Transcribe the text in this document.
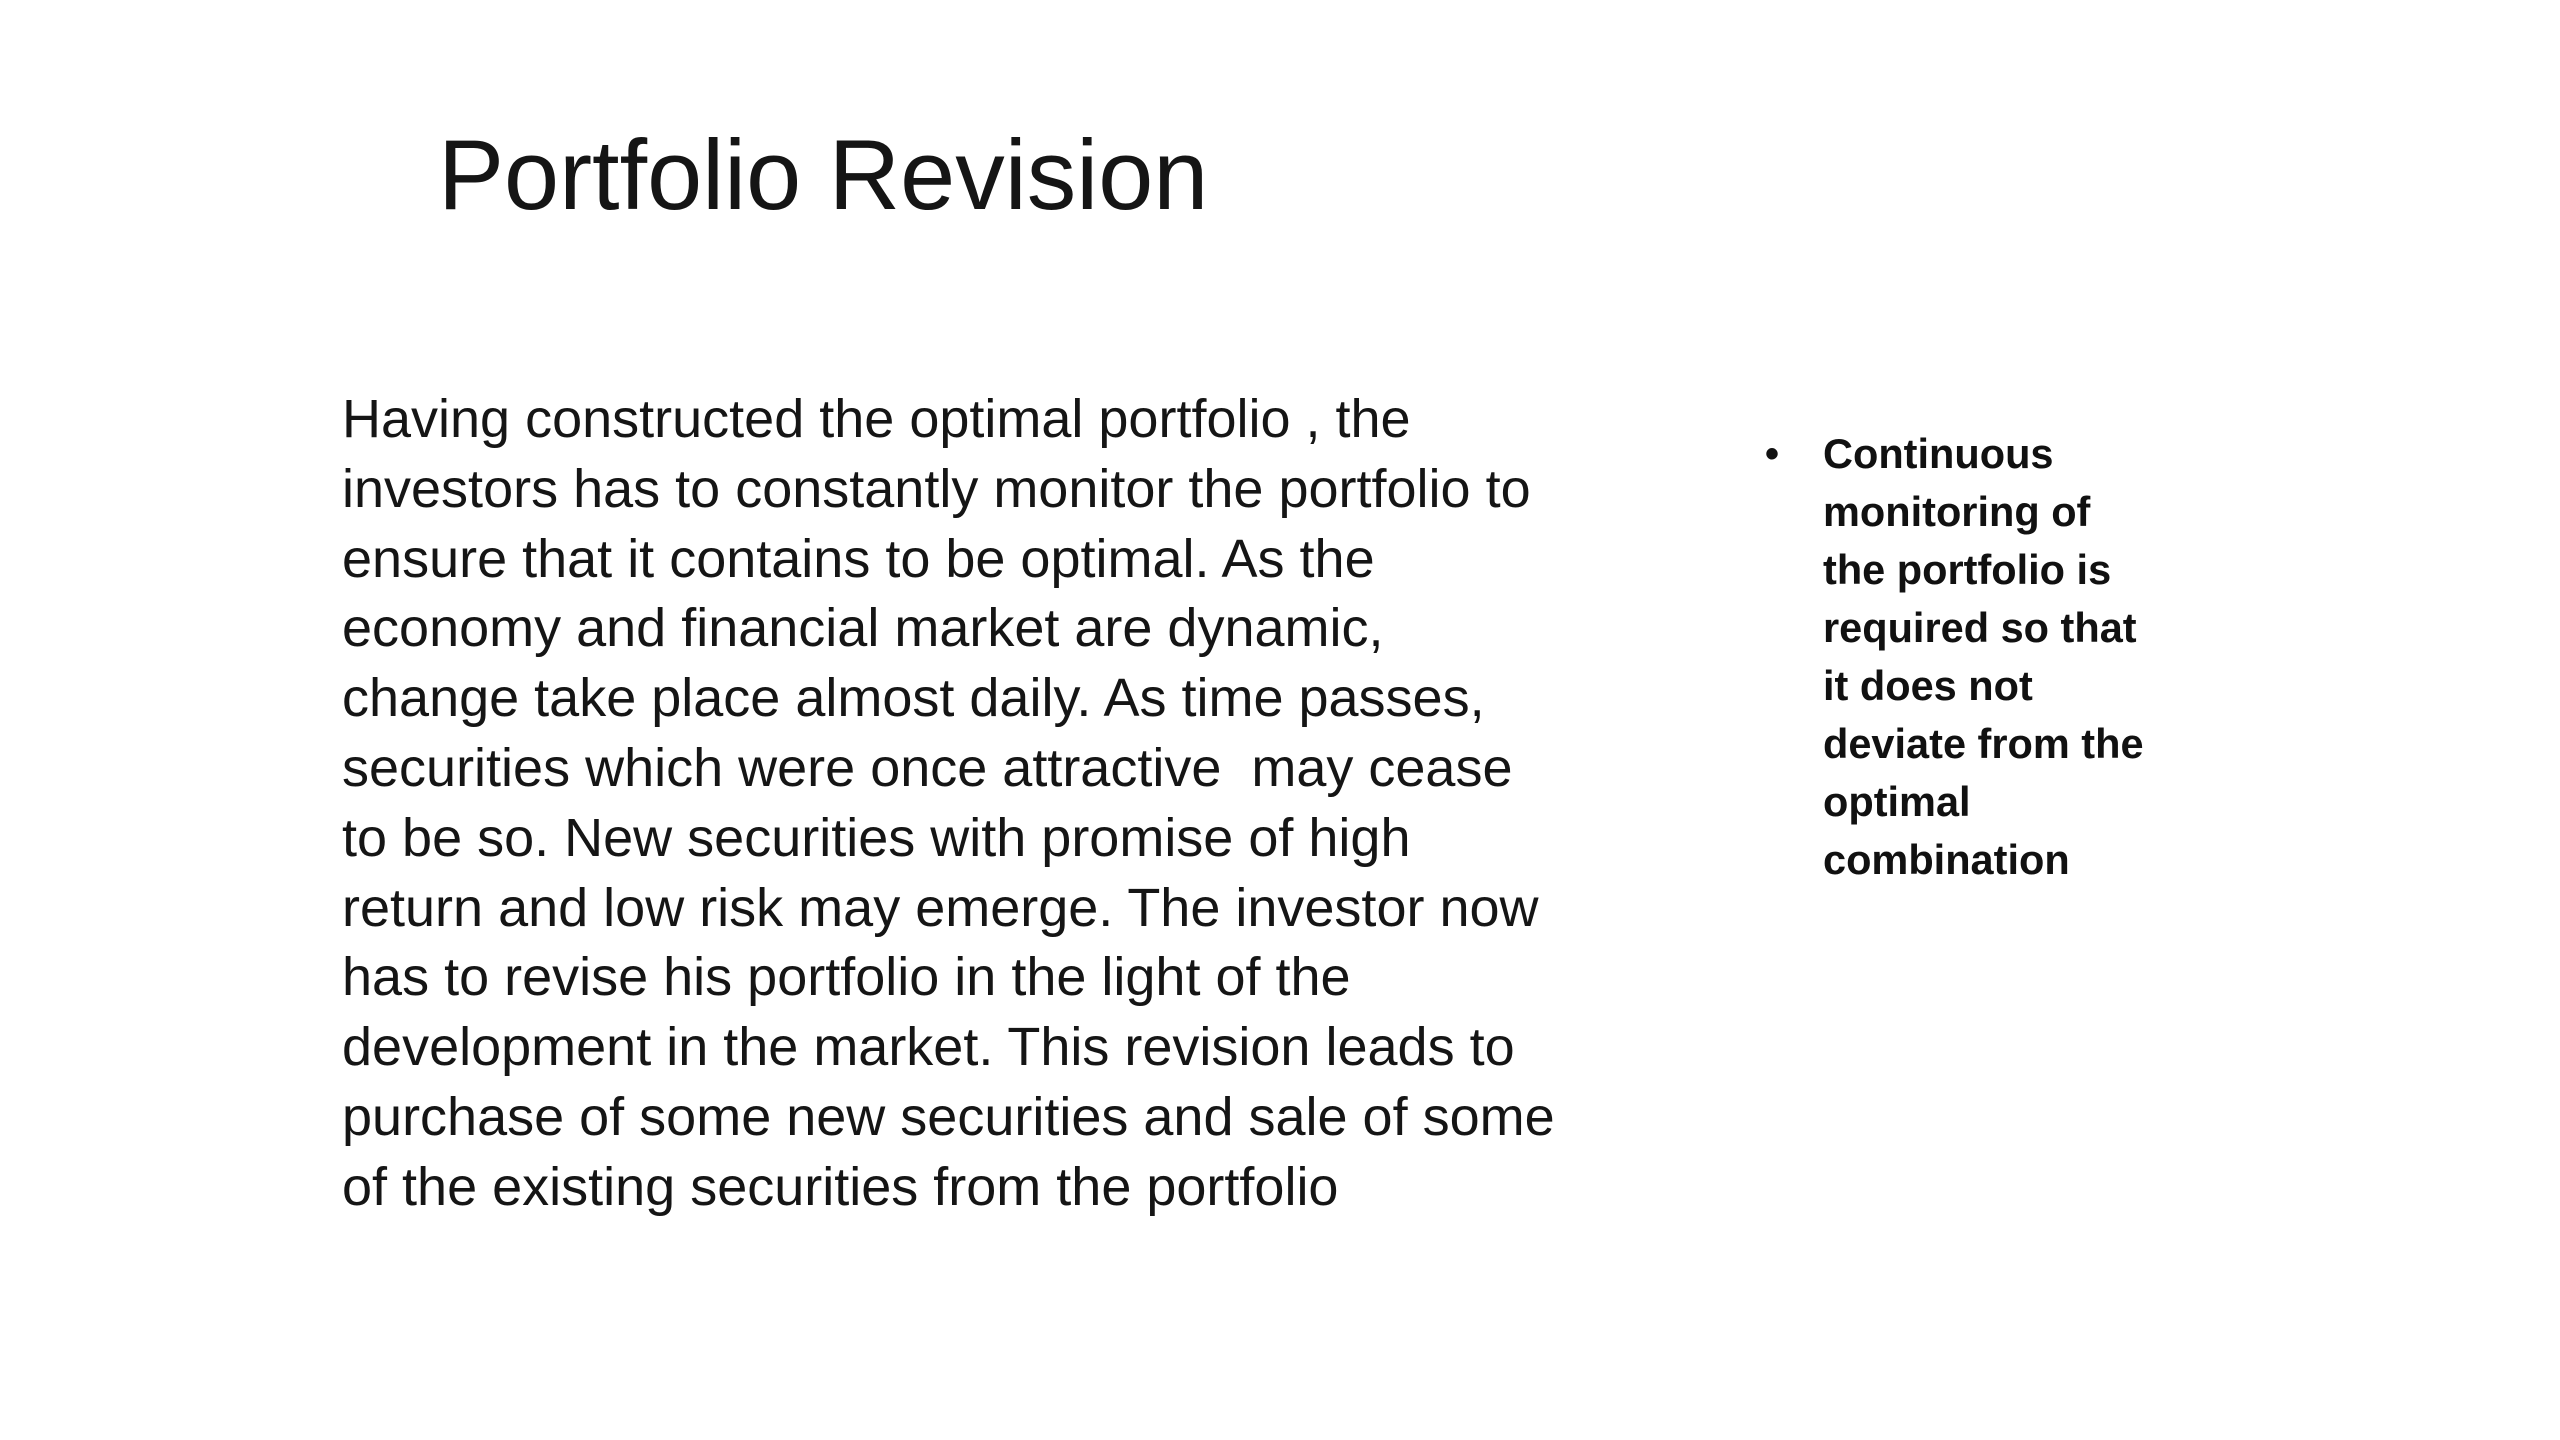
Portfolio Revision
Having constructed the optimal portfolio , the
investors has to constantly monitor the portfolio to
ensure that it contains to be optimal. As the
economy and financial market are dynamic,
change take place almost daily. As time passes,
securities which were once attractive  may cease
to be so. New securities with promise of high
return and low risk may emerge. The investor now
has to revise his portfolio in the light of the
development in the market. This revision leads to
purchase of some new securities and sale of some
of the existing securities from the portfolio
• Continuous
monitoring of
the portfolio is
required so that
it does not
deviate from the
optimal
combination
